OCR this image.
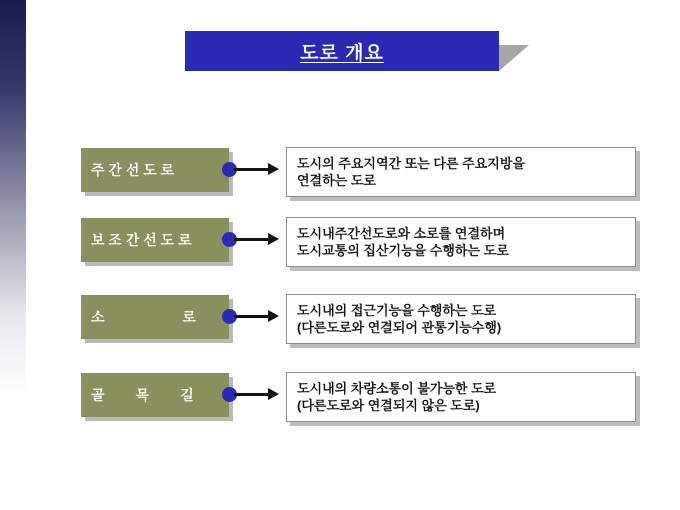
도로 개요
주 간 선 도 로	도시의 주요지역간 또는 다른 주요지방을
연결하는 도로
보 조 간 선 도 로	도시내주간선도로와 소로를 연결하며
도시교통의 집산기능을 수행하는 도로
소                    로	도시내의 접근기능을 수행하는 도로
(다른도로와 연결되어 관통기능수행)
골        목        길	도시내의 차량소통이 불가능한 도로
(다른도로와 연결되지 않은 도로)
